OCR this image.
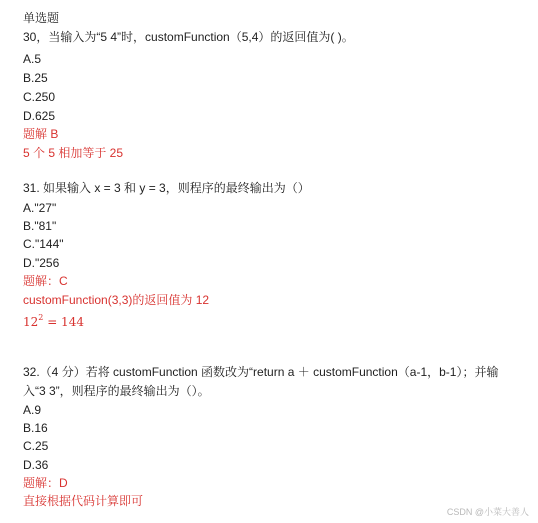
单选题
30，当输入为“5 4”时，customFunction（5,4）的返回值为( )。
A.5
B.25
C.250
D.625
题解 B
5 个 5 相加等于 25
31. 如果输入 x = 3 和 y = 3，则程序的最终输出为（）
A."27"
B."81"
C."144"
D."256
题解：C
customFunction(3,3)的返回值为 12
$12^2 = 144$
32.（4 分）若将 customFunction 函数改为“return a ＋ customFunction（a-1，b-1）；并输
入“3 3”，则程序的最终输出为（）。
A.9
B.16
C.25
D.36
题解：D
直接根据代码计算即可
CSDN @小菜大善人
